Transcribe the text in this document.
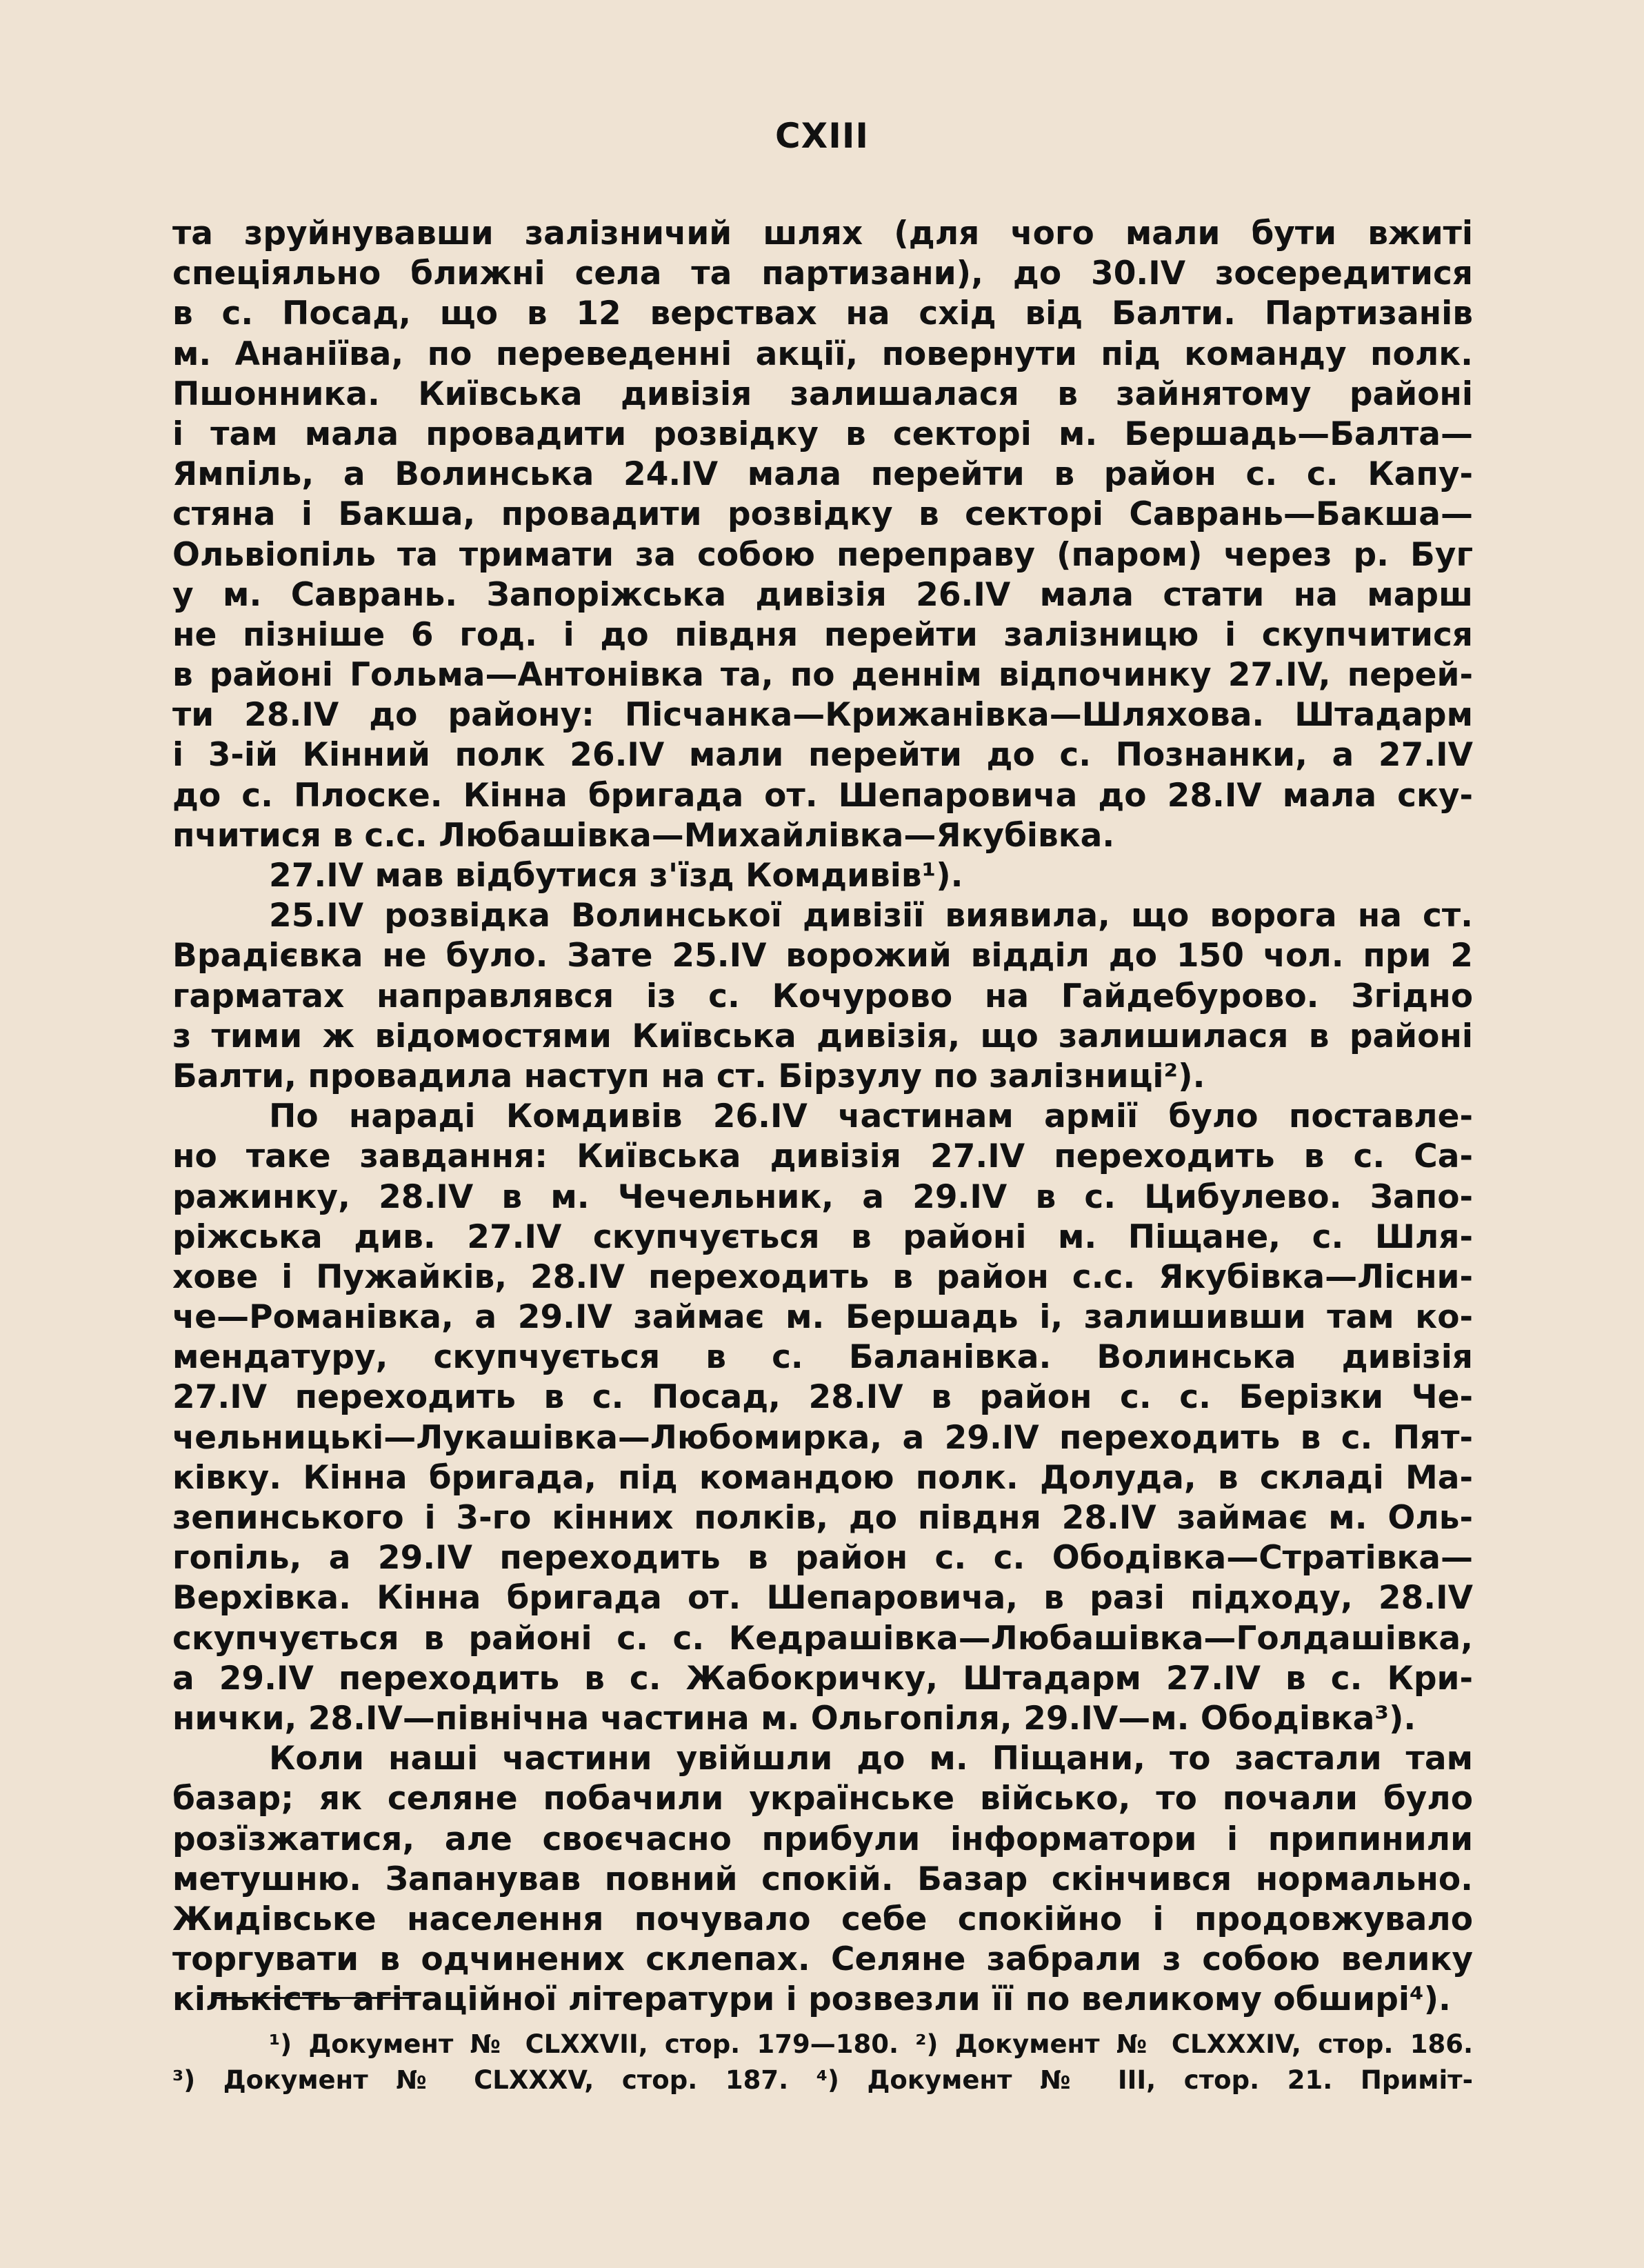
CXIII
та зруйнувавши залізничий шлях (для чого мали бути вжиті
спеціяльно ближні села та партизани), до 30.IV зосередитися
в с. Посад, що в 12 верствах на схід від Балти. Партизанів
м. Ананіїва, по переведенні акції, повернути під команду полк.
Пшонника. Київська дивізія залишалася в зайнятому районі
і там мала провадити розвідку в секторі м. Бершадь—Балта—
Ямпіль, а Волинська 24.IV мала перейти в район с. с. Капу-
стяна і Бакша, провадити розвідку в секторі Саврань—Бакша—
Ольвіопіль та тримати за собою переправу (паром) через р. Буг
у м. Саврань. Запоріжська дивізія 26.IV мала стати на марш
не пізніше 6 год. і до півдня перейти залізницю і скупчитися
в районі Гольма—Антонівка та, по деннім відпочинку 27.IV, перей-
ти 28.IV до району: Пісчанка—Крижанівка—Шляхова. Штадарм
і 3-ій Кінний полк 26.IV мали перейти до с. Познанки, а 27.IV
до с. Плоске. Кінна бригада от. Шепаровича до 28.IV мала ску-
пчитися в с.с. Любашівка—Михайлівка—Якубівка.
27.IV мав відбутися з'їзд Комдивів¹).
25.IV розвідка Волинської дивізії виявила, що ворога на ст.
Врадієвка не було. Зате 25.IV ворожий відділ до 150 чол. при 2
гарматах направлявся із с. Кочурово на Гайдебурово. Згідно
з тими ж відомостями Київська дивізія, що залишилася в районі
Балти, провадила наступ на ст. Бірзулу по залізниці²).
По нараді Комдивів 26.IV частинам армії було поставле-
но таке завдання: Київська дивізія 27.IV переходить в с. Са-
ражинку, 28.IV в м. Чечельник, а 29.IV в с. Цибулево. Запо-
ріжська див. 27.IV скупчується в районі м. Піщане, с. Шля-
хове і Пужайків, 28.IV переходить в район с.с. Якубівка—Лісни-
че—Романівка, а 29.IV займає м. Бершадь і, залишивши там ко-
мендатуру, скупчується в с. Баланівка. Волинська дивізія
27.IV переходить в с. Посад, 28.IV в район с. с. Берізки Че-
чельницькі—Лукашівка—Любомирка, а 29.IV переходить в с. Пят-
ківку. Кінна бригада, під командою полк. Долуда, в складі Ма-
зепинського і 3-го кінних полків, до півдня 28.IV займає м. Оль-
гопіль, а 29.IV переходить в район с. с. Ободівка—Стратівка—
Верхівка. Кінна бригада от. Шепаровича, в разі підходу, 28.IV
скупчується в районі с. с. Кедрашівка—Любашівка—Голдашівка,
а 29.IV переходить в с. Жабокричку, Штадарм 27.IV в с. Кри-
нички, 28.IV—північна частина м. Ольгопіля, 29.IV—м. Ободівка³).
Коли наші частини увійшли до м. Піщани, то застали там
базар; як селяне побачили українське військо, то почали було
розїзжатися, але своєчасно прибули інформатори і припинили
метушню. Запанував повний спокій. Базар скінчився нормально.
Жидівське населення почувало себе спокійно і продовжувало
торгувати в одчинених склепах. Селяне забрали з собою велику
кількість агітаційної літератури і розвезли її по великому обширі⁴).
¹) Документ № CLXXVII, стор. 179—180. ²) Документ № CLXXXIV, стор. 186.
³) Документ № CLXXXV, стор. 187. ⁴) Документ № III, стор. 21. Приміт-
